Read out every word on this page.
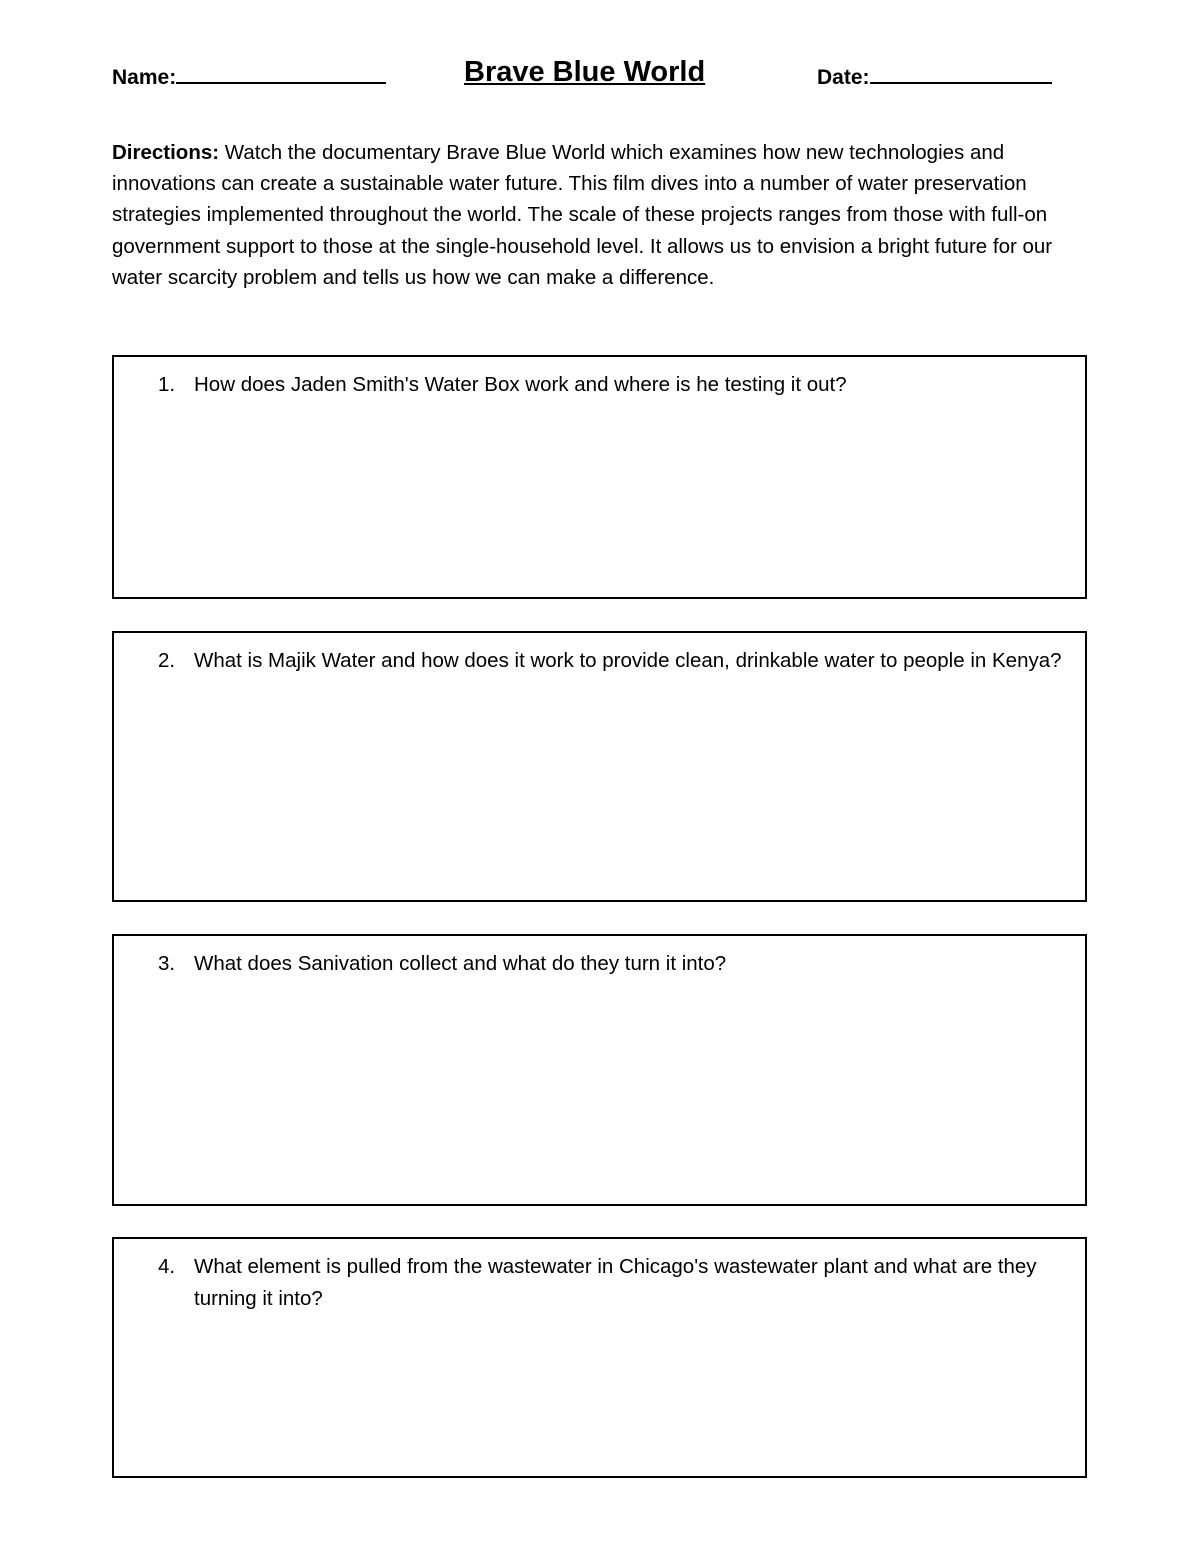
Name:	Brave Blue World	Date:
Directions: Watch the documentary Brave Blue World which examines how new technologies and innovations can create a sustainable water future. This film dives into a number of water preservation strategies implemented throughout the world. The scale of these projects ranges from those with full-on government support to those at the single-household level. It allows us to envision a bright future for our water scarcity problem and tells us how we can make a difference.
1. How does Jaden Smith's Water Box work and where is he testing it out?
2. What is Majik Water and how does it work to provide clean, drinkable water to people in Kenya?
3. What does Sanivation collect and what do they turn it into?
4. What element is pulled from the wastewater in Chicago's wastewater plant and what are they turning it into?
